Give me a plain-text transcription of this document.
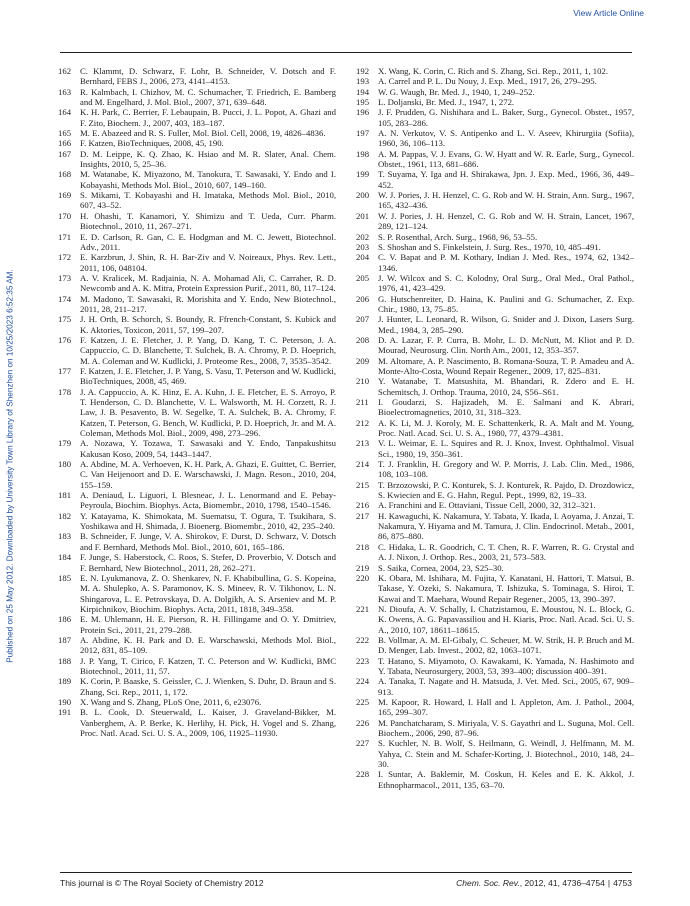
View Article Online
Published on 25 May 2012. Downloaded by University Town Library of Shenzhen on 10/25/2023 6:52:35 AM.
162	C. Klammt, D. Schwarz, F. Lohr, B. Schneider, V. Dotsch and F. Bernhard, FEBS J., 2006, 273, 4141–4153.
163	R. Kalmbach, I. Chizhov, M. C. Schumacher, T. Friedrich, E. Bamberg and M. Engelhard, J. Mol. Biol., 2007, 371, 639–648.
164	K. H. Park, C. Berrier, F. Lebaupain, B. Pucci, J. L. Popot, A. Ghazi and F. Zito, Biochem. J., 2007, 403, 183–187.
165	M. E. Abazeed and R. S. Fuller, Mol. Biol. Cell, 2008, 19, 4826–4836.
166	F. Katzen, BioTechniques, 2008, 45, 190.
167	D. M. Leippe, K. Q. Zhao, K. Hsiao and M. R. Slater, Anal. Chem. Insights, 2010, 5, 25–36.
168	M. Watanabe, K. Miyazono, M. Tanokura, T. Sawasaki, Y. Endo and I. Kobayashi, Methods Mol. Biol., 2010, 607, 149–160.
169	S. Mikami, T. Kobayashi and H. Imataka, Methods Mol. Biol., 2010, 607, 43–52.
170	H. Ohashi, T. Kanamori, Y. Shimizu and T. Ueda, Curr. Pharm. Biotechnol., 2010, 11, 267–271.
171	E. D. Carlson, R. Gan, C. E. Hodgman and M. C. Jewett, Biotechnol. Adv., 2011.
172	E. Karzbrun, J. Shin, R. H. Bar-Ziv and V. Noireaux, Phys. Rev. Lett., 2011, 106, 048104.
173	A. V. Kralicek, M. Radjainia, N. A. Mohamad Ali, C. Carraher, R. D. Newcomb and A. K. Mitra, Protein Expression Purif., 2011, 80, 117–124.
174	M. Madono, T. Sawasaki, R. Morishita and Y. Endo, New Biotechnol., 2011, 28, 211–217.
175	J. H. Orth, B. Schorch, S. Boundy, R. Ffrench-Constant, S. Kubick and K. Aktories, Toxicon, 2011, 57, 199–207.
176	F. Katzen, J. E. Fletcher, J. P. Yang, D. Kang, T. C. Peterson, J. A. Cappuccio, C. D. Blanchette, T. Sulchek, B. A. Chromy, P. D. Hoeprich, M. A. Coleman and W. Kudlicki, J. Proteome Res., 2008, 7, 3535–3542.
177	F. Katzen, J. E. Fletcher, J. P. Yang, S. Vasu, T. Peterson and W. Kudlicki, BioTechniques, 2008, 45, 469.
178	J. A. Cappuccio, A. K. Hinz, E. A. Kuhn, J. E. Fletcher, E. S. Arroyo, P. T. Henderson, C. D. Blanchette, V. L. Walsworth, M. H. Corzett, R. J. Law, J. B. Pesavento, B. W. Segelke, T. A. Sulchek, B. A. Chromy, F. Katzen, T. Peterson, G. Bench, W. Kudlicki, P. D. Hoeprich, Jr. and M. A. Coleman, Methods Mol. Biol., 2009, 498, 273–296.
179	A. Nozawa, Y. Tozawa, T. Sawasaki and Y. Endo, Tanpakushitsu Kakusan Koso, 2009, 54, 1443–1447.
180	A. Abdine, M. A. Verhoeven, K. H. Park, A. Ghazi, E. Guittet, C. Berrier, C. Van Heijenoort and D. E. Warschawski, J. Magn. Reson., 2010, 204, 155–159.
181	A. Deniaud, L. Liguori, I. Blesneac, J. L. Lenormand and E. Pebay-Peyroula, Biochim. Biophys. Acta, Biomembr., 2010, 1798, 1540–1546.
182	Y. Katayama, K. Shimokata, M. Suematsu, T. Ogura, T. Tsukihara, S. Yoshikawa and H. Shimada, J. Bioenerg. Biomembr., 2010, 42, 235–240.
183	B. Schneider, F. Junge, V. A. Shirokov, F. Durst, D. Schwarz, V. Dotsch and F. Bernhard, Methods Mol. Biol., 2010, 601, 165–186.
184	F. Junge, S. Haberstock, C. Roos, S. Stefer, D. Proverbio, V. Dotsch and F. Bernhard, New Biotechnol., 2011, 28, 262–271.
185	E. N. Lyukmanova, Z. O. Shenkarev, N. F. Khabibullina, G. S. Kopeina, M. A. Shulepko, A. S. Paramonov, K. S. Mineev, R. V. Tikhonov, L. N. Shingarova, L. E. Petrovskaya, D. A. Dolgikh, A. S. Arseniev and M. P. Kirpichnikov, Biochim. Biophys. Acta, 2011, 1818, 349–358.
186	E. M. Uhlemann, H. E. Pierson, R. H. Fillingame and O. Y. Dmitriev, Protein Sci., 2011, 21, 279–288.
187	A. Abdine, K. H. Park and D. E. Warschawski, Methods Mol. Biol., 2012, 831, 85–109.
188	J. P. Yang, T. Cirico, F. Katzen, T. C. Peterson and W. Kudlicki, BMC Biotechnol., 2011, 11, 57.
189	K. Corin, P. Baaske, S. Geissler, C. J. Wienken, S. Duhr, D. Braun and S. Zhang, Sci. Rep., 2011, 1, 172.
190	X. Wang and S. Zhang, PLoS One, 2011, 6, e23076.
191	B. L. Cook, D. Steuerwald, L. Kaiser, J. Graveland-Bikker, M. Vanberghem, A. P. Berke, K. Herlihy, H. Pick, H. Vogel and S. Zhang, Proc. Natl. Acad. Sci. U. S. A., 2009, 106, 11925–11930.
192	X. Wang, K. Corin, C. Rich and S. Zhang, Sci. Rep., 2011, 1, 102.
193	A. Carrel and P. L. Du Nouy, J. Exp. Med., 1917, 26, 279–295.
194	W. G. Waugh, Br. Med. J., 1940, 1, 249–252.
195	L. Doljanski, Br. Med. J., 1947, 1, 272.
196	J. F. Prudden, G. Nishihara and L. Baker, Surg., Gynecol. Obstet., 1957, 105, 283–286.
197	A. N. Verkutov, V. S. Antipenko and L. V. Aseev, Khirurgiia (Sofiia), 1960, 36, 106–113.
198	A. M. Pappas, V. J. Evans, G. W. Hyatt and W. R. Earle, Surg., Gynecol. Obstet., 1961, 113, 681–686.
199	T. Suyama, Y. Iga and H. Shirakawa, Jpn. J. Exp. Med., 1966, 36, 449–452.
200	W. J. Pories, J. H. Henzel, C. G. Rob and W. H. Strain, Ann. Surg., 1967, 165, 432–436.
201	W. J. Pories, J. H. Henzel, C. G. Rob and W. H. Strain, Lancet, 1967, 289, 121–124.
202	S. P. Rosenthal, Arch. Surg., 1968, 96, 53–55.
203	S. Shoshan and S. Finkelstein, J. Surg. Res., 1970, 10, 485–491.
204	C. V. Bapat and P. M. Kothary, Indian J. Med. Res., 1974, 62, 1342–1346.
205	J. W. Wilcox and S. C. Kolodny, Oral Surg., Oral Med., Oral Pathol., 1976, 41, 423–429.
206	G. Hutschenreiter, D. Haina, K. Paulini and G. Schumacher, Z. Exp. Chir., 1980, 13, 75–85.
207	J. Hunter, L. Leonard, R. Wilson, G. Snider and J. Dixon, Lasers Surg. Med., 1984, 3, 285–290.
208	D. A. Lazar, F. P. Curra, B. Mohr, L. D. McNutt, M. Kliot and P. D. Mourad, Neurosurg. Clin. North Am., 2001, 12, 353–357.
209	M. Altomare, A. P. Nascimento, B. Romana-Souza, T. P. Amadeu and A. Monte-Alto-Costa, Wound Repair Regener., 2009, 17, 825–831.
210	Y. Watanabe, T. Matsushita, M. Bhandari, R. Zdero and E. H. Schemitsch, J. Orthop. Trauma, 2010, 24, S56–S61.
211	I. Goudarzi, S. Hajizadeh, M. E. Salmani and K. Abrari, Bioelectromagnetics, 2010, 31, 318–323.
212	A. K. Li, M. J. Koroly, M. E. Schattenkerk, R. A. Malt and M. Young, Proc. Natl. Acad. Sci. U. S. A., 1980, 77, 4379–4381.
213	V. L. Weimar, E. L. Squires and R. J. Knox, Invest. Ophthalmol. Visual Sci., 1980, 19, 350–361.
214	T. J. Franklin, H. Gregory and W. P. Morris, J. Lab. Clin. Med., 1986, 108, 103–108.
215	T. Brzozowski, P. C. Konturek, S. J. Konturek, R. Pajdo, D. Drozdowicz, S. Kwiecien and E. G. Hahn, Regul. Pept., 1999, 82, 19–33.
216	A. Franchini and E. Ottaviani, Tissue Cell, 2000, 32, 312–321.
217	H. Kawaguchi, K. Nakamura, Y. Tabata, Y. Ikada, I. Aoyama, J. Anzai, T. Nakamura, Y. Hiyama and M. Tamura, J. Clin. Endocrinol. Metab., 2001, 86, 875–880.
218	C. Hidaka, L. R. Goodrich, C. T. Chen, R. F. Warren, R. G. Crystal and A. J. Nixon, J. Orthop. Res., 2003, 21, 573–583.
219	S. Saika, Cornea, 2004, 23, S25–30.
220	K. Obara, M. Ishihara, M. Fujita, Y. Kanatani, H. Hattori, T. Matsui, B. Takase, Y. Ozeki, S. Nakamura, T. Ishizuka, S. Tominaga, S. Hiroi, T. Kawai and T. Maehara, Wound Repair Regener., 2005, 13, 390–397.
221	N. Dioufa, A. V. Schally, I. Chatzistamou, E. Moustou, N. L. Block, G. K. Owens, A. G. Papavassiliou and H. Kiaris, Proc. Natl. Acad. Sci. U. S. A., 2010, 107, 18611–18615.
222	B. Vollmar, A. M. El-Gibaly, C. Scheuer, M. W. Strik, H. P. Bruch and M. D. Menger, Lab. Invest., 2002, 82, 1063–1071.
223	T. Hatano, S. Miyamoto, O. Kawakami, K. Yamada, N. Hashimoto and Y. Tabata, Neurosurgery, 2003, 53, 393–400; discussion 400–391.
224	A. Tanaka, T. Nagate and H. Matsuda, J. Vet. Med. Sci., 2005, 67, 909–913.
225	M. Kapoor, R. Howard, I. Hall and I. Appleton, Am. J. Pathol., 2004, 165, 299–307.
226	M. Panchatcharam, S. Miriyala, V. S. Gayathri and L. Suguna, Mol. Cell. Biochem., 2006, 290, 87–96.
227	S. Kuchler, N. B. Wolf, S. Heilmann, G. Weindl, J. Helfmann, M. M. Yahya, C. Stein and M. Schafer-Korting, J. Biotechnol., 2010, 148, 24–30.
228	I. Suntar, A. Baklemir, M. Coskun, H. Keles and E. K. Akkol, J. Ethnopharmacol., 2011, 135, 63–70.
This journal is © The Royal Society of Chemistry 2012	Chem. Soc. Rev., 2012, 41, 4736–4754 | 4753
